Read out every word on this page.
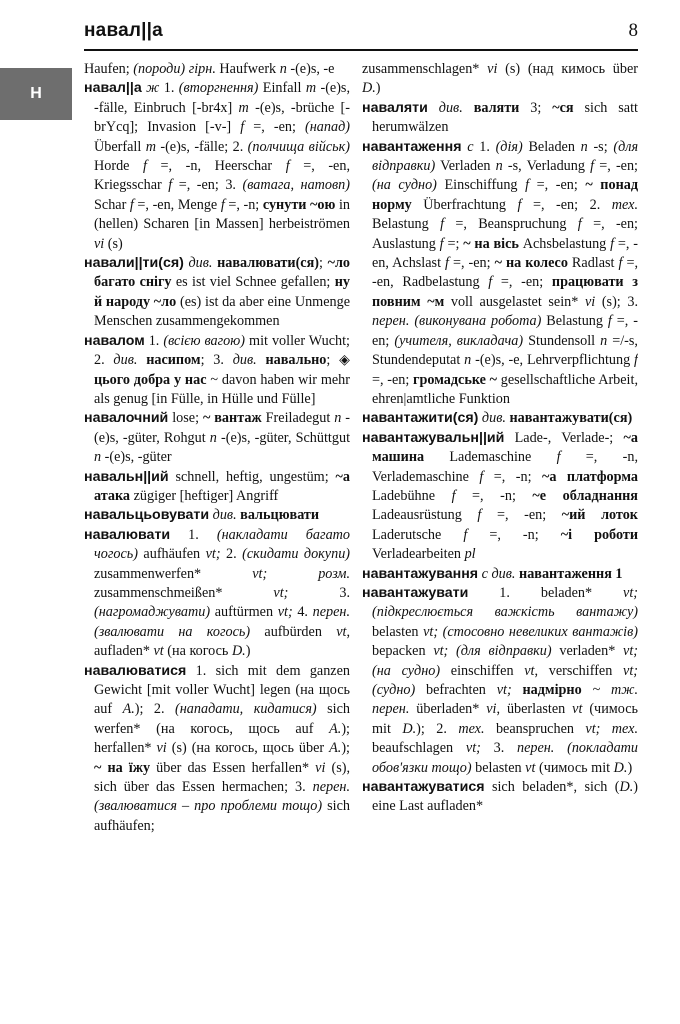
навал||а	8
Н

Haufen; (породи) гірн. Haufwerk n -(e)s, -e

навал||а ж 1. (вторгнення) Einfall m -(e)s, -fälle, Einbruch [-br4x] m -(e)s, -brüche [-brYcq]; Invasion [-v-] f =, -en; (напад) Überfall m -(e)s, -fälle; 2. (полчища військ) Horde f =, -n, Heerschar f =, -en, Kriegsschar f =, -en; 3. (ватага, натовп) Schar f =, -en, Menge f =, -n; сунути ~ою in (hellen) Scharen [in Massen] herbeiströmen vi (s)

навали||ти(ся) див. навалювати(ся); ~ло багато снігу es ist viel Schnee gefallen; ну й народу ~ло (es) ist da aber eine Unmenge Menschen zusammengekommen

навалом 1. (всією вагою) mit voller Wucht; 2. див. насипом; 3. див. навально; ◈ цього добра у нас ~ davon haben wir mehr als genug [in Fülle, in Hülle und Fülle]

навалочний lose; ~ вантаж Freiladegut n -(e)s, -güter, Rohgut n -(e)s, -güter, Schüttgut n -(e)s, -güter

навальн||ий schnell, heftig, ungestüm; ~а атака zügiger [heftiger] Angriff

навальцьовувати див. вальцювати

навалювати 1. (накладати багато чогось) aufhäufen vt; 2. (скидати докупи) zusammenwerfen* vt; розм. zusammenschmeißen* vt; 3. (нагромаджувати) auftürmen vt; 4. перен. (звалювати на когось) aufbürden vt, aufladen* vt (на когось D.)

навалюватися 1. sich mit dem ganzen Gewicht [mit voller Wucht] legen (на щось auf A.); 2. (нападати, кидатися) sich werfen* (на когось, щось auf A.); herfallen* vi (s) (на когось, щось über A.); ~ на їжу über das Essen herfallen* vi (s), sich über das Essen hermachen; 3. перен. (звалюватися – про проблеми тощо) sich aufhäufen;

zusammenschlagen* vi (s) (над кимось über D.)

наваляти див. валяти 3; ~ся sich satt herumwälzen

навантаження с 1. (дія) Beladen n -s; (для відправки) Verladen n -s, Verladung f =, -en; (на судно) Einschiffung f =, -en; ~ понад норму Überfrachtung f =, -en; 2. тех. Belastung f =, Beanspruchung f =, -en; Auslastung f =; ~ на вісь Achsbelastung f =, -en, Achslast f =, -en; ~ на колесо Radlast f =, -en, Radbelastung f =, -en; працювати з повним ~м voll ausgelastet sein* vi (s); 3. перен. (виконувана робота) Belastung f =, -en; (учителя, викладача) Stundensoll n =/-s, Stundendeputat n -(e)s, -e, Lehrverpflichtung f =, -en; громадське ~ gesellschaftliche Arbeit, ehren|amtliche Funktion

навантажити(ся) див. навантажувати(ся)

навантажувальн||ий Lade-, Verlade-; ~а машина Lademaschine f =, -n, Verlademaschine f =, -n; ~а платформа Ladebühne f =, -n; ~е обладнання Ladeausrüstung f =, -en; ~ий лоток Laderutsche f =, -n; ~і роботи Verladearbeiten pl

навантажування с див. навантаження 1

навантажувати 1. beladen* vt; (підкреслюється важкість вантажу) belasten vt; (стосовно невеликих вантажів) bepacken vt; (для відправки) verladen* vt; (на судно) einschiffen vt, verschiffen vt; (судно) befrachten vt; надмірно ~ тж. перен. überladen* vi, überlasten vt (чимось mit D.); 2. тех. beanspruchen vt; тех. beaufschlagen vt; 3. перен. (покладати обов'язки тощо) belasten vt (чимось mit D.)

навантажуватися sich beladen*, sich (D.) eine Last aufladen*
